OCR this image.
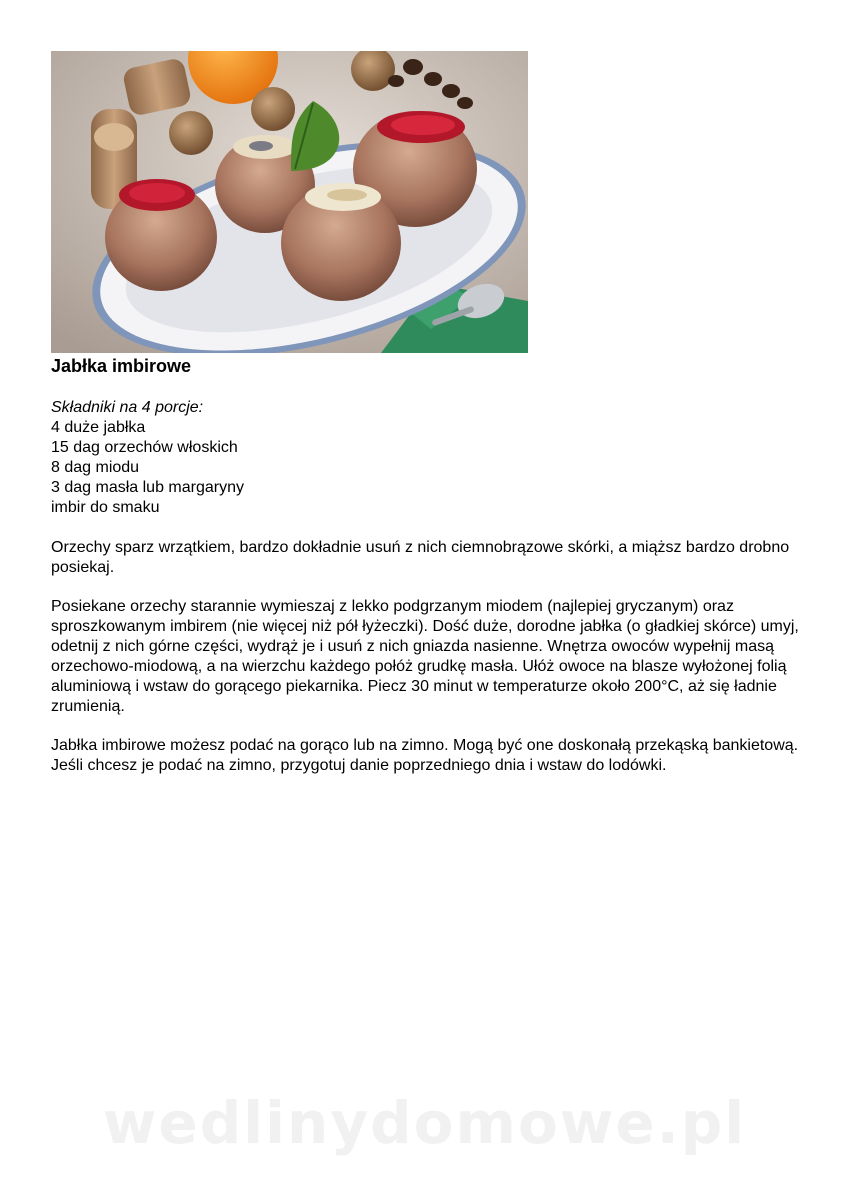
Jabłka imbirowe
Składniki na 4 porcje:
4 duże jabłka
15 dag orzechów włoskich
8 dag miodu
3 dag masła lub margaryny
imbir do smaku

Orzechy sparz wrzątkiem, bardzo dokładnie usuń z nich ciemnobrązowe skórki, a miąższ bardzo drobno posiekaj.

Posiekane orzechy starannie wymieszaj z lekko podgrzanym miodem (najlepiej gryczanym) oraz sproszkowanym imbirem (nie więcej niż pół łyżeczki). Dość duże, dorodne jabłka (o gładkiej skórce) umyj, odetnij z nich górne części, wydrąż je i usuń z nich gniazda nasienne. Wnętrza owoców wypełnij masą orzechowo-miodową, a na wierzchu każdego połóż grudkę masła. Ułóż owoce na blasze wyłożonej folią aluminiową i wstaw do gorącego piekarnika. Piecz 30 minut w temperaturze około 200°C, aż się ładnie zrumienią.

Jabłka imbirowe możesz podać na gorąco lub na zimno. Mogą być one doskonałą przekąską bankietową. Jeśli chcesz je podać na zimno, przygotuj danie poprzedniego dnia i wstaw do lodówki.

wedlinydomowe.pl
